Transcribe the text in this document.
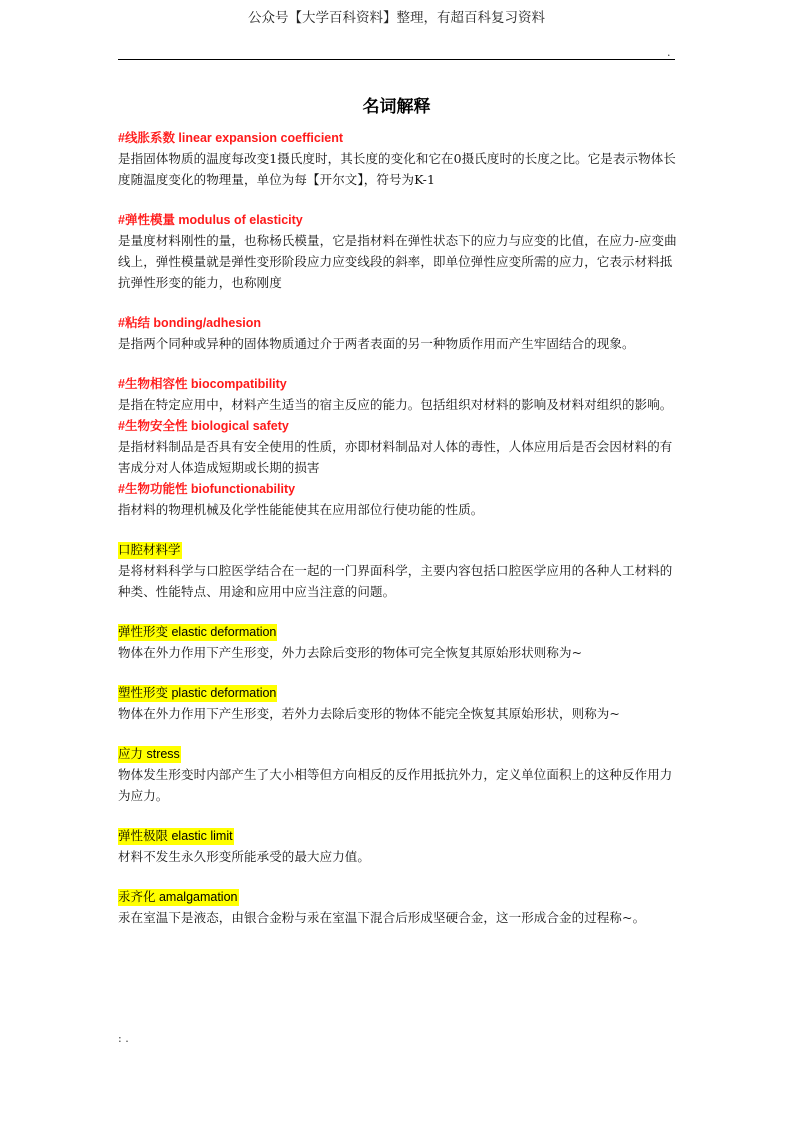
公众号【大学百科资料】整理，有超百科复习资料
.
名词解释
#线胀系数 linear expansion coefficient

是指固体物质的温度每改变1摄氏度时，其长度的变化和它在0摄氏度时的长度之比。它是表示物体长度随温度变化的物理量，单位为每【开尔文】，符号为K-1

#弹性模量 modulus of elasticity

是量度材料刚性的量，也称杨氏模量，它是指材料在弹性状态下的应力与应变的比值，在应力-应变曲线上，弹性模量就是弹性变形阶段应力应变线段的斜率，即单位弹性应变所需的应力，它表示材料抵抗弹性形变的能力，也称刚度

#粘结 bonding/adhesion

是指两个同种或异种的固体物质通过介于两者表面的另一种物质作用而产生牢固结合的现象。

#生物相容性 biocompatibility

是指在特定应用中，材料产生适当的宿主反应的能力。包括组织对材料的影响及材料对组织的影响。

#生物安全性 biological safety

是指材料制品是否具有安全使用的性质，亦即材料制品对人体的毒性，人体应用后是否会因材料的有害成分对人体造成短期或长期的损害

#生物功能性 biofunctionability

指材料的物理机械及化学性能能使其在应用部位行使功能的性质。

口腔材料学

是将材料科学与口腔医学结合在一起的一门界面科学，主要内容包括口腔医学应用的各种人工材料的种类、性能特点、用途和应用中应当注意的问题。

弹性形变 elastic deformation

物体在外力作用下产生形变，外力去除后变形的物体可完全恢复其原始形状则称为~

塑性形变 plastic deformation

物体在外力作用下产生形变，若外力去除后变形的物体不能完全恢复其原始形状，则称为~

应力 stress

物体发生形变时内部产生了大小相等但方向相反的反作用抵抗外力，定义单位面积上的这种反作用力为应力。

弹性极限 elastic limit

材料不发生永久形变所能承受的最大应力值。

汞齐化 amalgamation

汞在室温下是液态，由银合金粉与汞在室温下混合后形成坚硬合金，这一形成合金的过程称~。

: .
